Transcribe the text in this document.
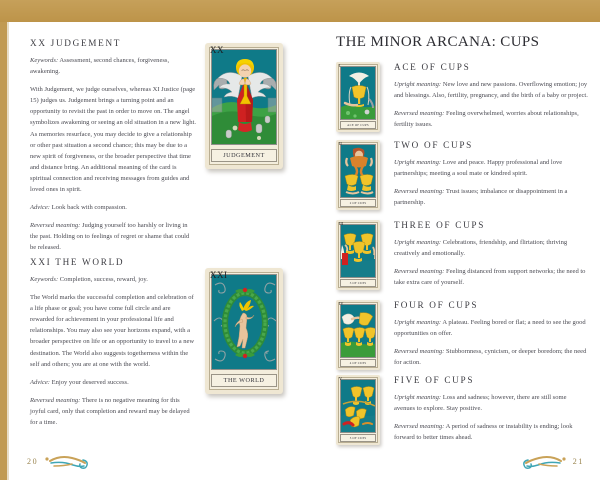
XX JUDGEMENT

Keywords: Assessment, second chances, forgiveness, awakening.

With Judgement, we judge ourselves, whereas XI Justice (page 15) judges us. Judgement brings a turning point and an opportunity to revisit the past in order to move on. The angel symbolizes awakening or seeing an old situation in a new light. As memories resurface, you may decide to give a relationship or other past situation a second chance; this may be due to a new spirit of forgiveness, or the broader perspective that time and distance bring. An additional meaning of the card is spiritual connection and receiving messages from guides and loved ones in spirit.

Advice: Look back with compassion.

Reversed meaning: Judging yourself too harshly or living in the past. Holding on to feelings of regret or shame that could be released.

XXI THE WORLD

Keywords: Completion, success, reward, joy.

The World marks the successful completion and celebration of a life phase or goal; you have come full circle and are rewarded for achievement in your professional life and relationships. You may also see your horizons expand, with a broader perspective on life or an opportunity to travel to a new destination. The World also suggests togetherness within the self and others; you are at one with the world.

Advice: Enjoy your deserved success.

Reversed meaning: There is no negative meaning for this joyful card, only that completion and reward may be delayed for a time.

XX
JUDGEMENT
XXI
THE WORLD
20
THE MINOR ARCANA: CUPS
I
ACE OF CUPS
ACE OF CUPS

Upright meaning: New love and new passions. Overflowing emotion; joy and blessings. Also, fertility, pregnancy, and the birth of a baby or project.

Reversed meaning: Feeling overwhelmed, worries about relationships, fertility issues.

II
2 OF CUPS
TWO OF CUPS

Upright meaning: Love and peace. Happy professional and love partnerships; meeting a soul mate or kindred spirit.

Reversed meaning: Trust issues; imbalance or disappointment in a partnership.

III
3 OF CUPS
THREE OF CUPS

Upright meaning: Celebrations, friendship, and flirtation; thriving creatively and emotionally.

Reversed meaning: Feeling distanced from support networks; the need to take extra care of yourself.

IV
4 OF CUPS
FOUR OF CUPS

Upright meaning: A plateau. Feeling bored or flat; a need to see the good opportunities on offer.

Reversed meaning: Stubbornness, cynicism, or deeper boredom; the need for action.

V
5 OF CUPS
FIVE OF CUPS

Upright meaning: Loss and sadness; however, there are still some avenues to explore. Stay positive.

Reversed meaning: A period of sadness or instability is ending; look forward to better times ahead.

21
